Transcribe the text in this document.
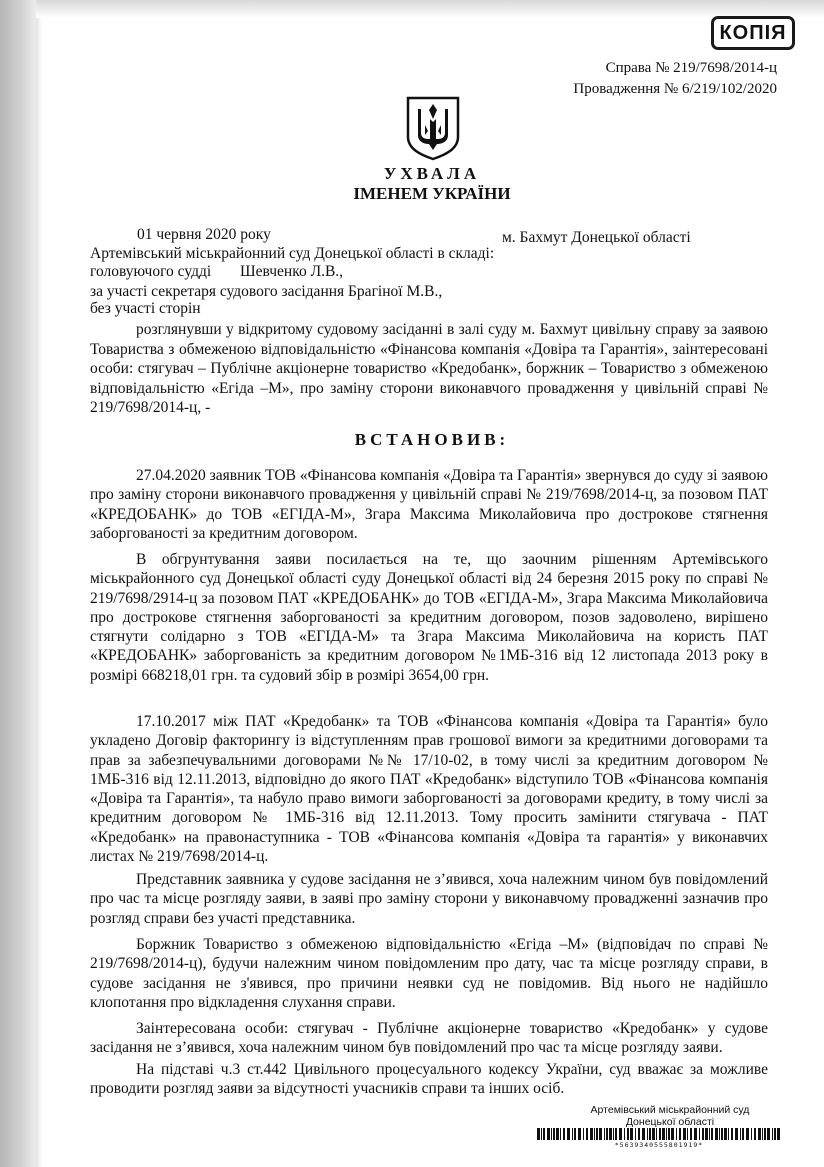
КОПІЯ
Справа № 219/7698/2014-ц
Провадження № 6/219/102/2020
УХВАЛА
ІМЕНЕМ УКРАЇНИ
01 червня 2020 року	м. Бахмут Донецької області
Артемівський міськрайонний суд Донецької області в складі:
головуючого судді Шевченко Л.В.,
за участі секретаря судового засідання Брагіної М.В.,
без участі сторін
розглянувши у відкритому судовому засіданні в залі суду м. Бахмут цивільну справу за заявою Товариства з обмеженою відповідальністю «Фінансова компанія «Довіра та Гарантія», заінтересовані особи: стягувач – Публічне акціонерне товариство «Кредобанк», боржник – Товариство з обмеженою відповідальністю «Егіда –М», про заміну сторони виконавчого провадження у цивільній справі № 219/7698/2014-ц, -
ВСТАНОВИВ:
27.04.2020 заявник ТОВ «Фінансова компанія «Довіра та Гарантія» звернувся до суду зі заявою про заміну сторони виконавчого провадження у цивільній справі № 219/7698/2014-ц, за позовом ПАТ «КРЕДОБАНК» до ТОВ «ЕГІДА-М», Згара Максима Миколайовича про дострокове стягнення заборгованості за кредитним договором.
В обгрунтування заяви посилається на те, що заочним рішенням Артемівського міськрайонного суд Донецької області суду Донецької області від 24 березня 2015 року по справі № 219/7698/2914-ц за позовом ПАТ «КРЕДОБАНК» до ТОВ «ЕГІДА-М», Згара Максима Миколайовича про дострокове стягнення заборгованості за кредитним договором, позов задоволено, вирішено стягнути солідарно з ТОВ «ЕГІДА-М» та Згара Максима Миколайовича на користь ПАТ «КРЕДОБАНК» заборгованість за кредитним договором №1МБ-316 від 12 листопада 2013 року в розмірі 668218,01 грн. та судовий збір в розмірі 3654,00 грн.
17.10.2017 між ПАТ «Кредобанк» та ТОВ «Фінансова компанія «Довіра та Гарантія» було укладено Договір факторингу із відступленням прав грошової вимоги за кредитними договорами та прав за забезпечувальними договорами №№ 17/10-02, в тому числі за кредитним договором № 1МБ-316 від 12.11.2013, відповідно до якого ПАТ «Кредобанк» відступило ТОВ «Фінансова компанія «Довіра та Гарантія», та набуло право вимоги заборгованості за договорами кредиту, в тому числі за кредитним договором № 1МБ-316 від 12.11.2013. Тому просить замінити стягувача - ПАТ «Кредобанк» на правонаступника - ТОВ «Фінансова компанія «Довіра та гарантія» у виконавчих листах № 219/7698/2014-ц.
Представник заявника у судове засідання не з’явився, хоча належним чином був повідомлений про час та місце розгляду заяви, в заяві про заміну сторони у виконавчому провадженні зазначив про розгляд справи без участі представника.
Боржник Товариство з обмеженою відповідальністю «Егіда –М» (відповідач по справі № 219/7698/2014-ц), будучи належним чином повідомленим про дату, час та місце розгляду справи, в судове засідання не з'явився, про причини неявки суд не повідомив. Від нього не надійшло клопотання про відкладення слухання справи.
Заінтересована особи: стягувач - Публічне акціонерне товариство «Кредобанк» у судове засідання не з’явився, хоча належним чином був повідомлений про час та місце розгляду заяви.
На підставі ч.3 ст.442 Цивільного процесуального кодексу України, суд вважає за можливе проводити розгляд заяви за відсутності учасників справи та інших осіб.
Артемівський міськрайонний суд
Донецької області
*5639340555801919*
